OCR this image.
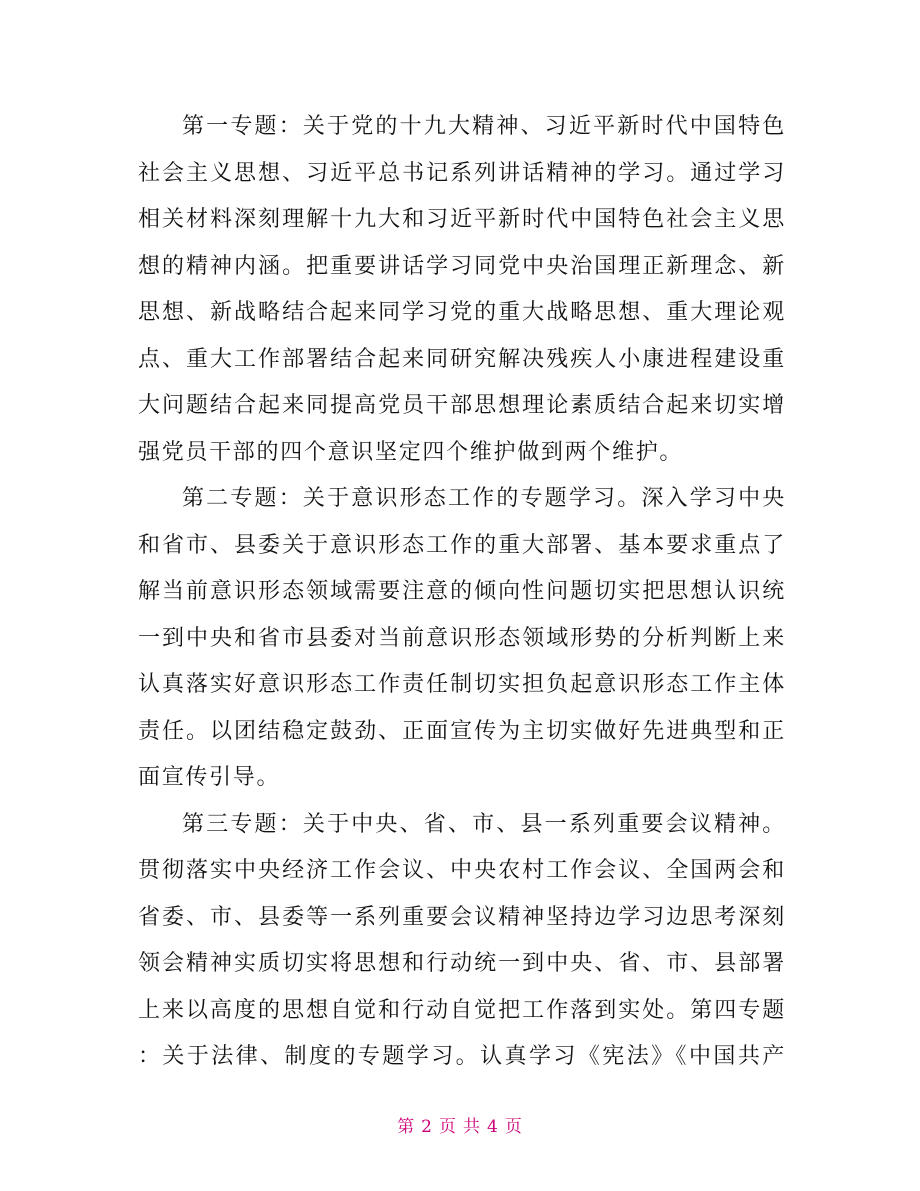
第一专题：关于党的十九大精神、习近平新时代中国特色
社会主义思想、习近平总书记系列讲话精神的学习。通过学习
相关材料深刻理解十九大和习近平新时代中国特色社会主义思
想的精神内涵。把重要讲话学习同党中央治国理正新理念、新
思想、新战略结合起来同学习党的重大战略思想、重大理论观
点、重大工作部署结合起来同研究解决残疾人小康进程建设重
大问题结合起来同提高党员干部思想理论素质结合起来切实增
强党员干部的四个意识坚定四个维护做到两个维护。
第二专题：关于意识形态工作的专题学习。深入学习中央
和省市、县委关于意识形态工作的重大部署、基本要求重点了
解当前意识形态领域需要注意的倾向性问题切实把思想认识统
一到中央和省市县委对当前意识形态领域形势的分析判断上来
认真落实好意识形态工作责任制切实担负起意识形态工作主体
责任。以团结稳定鼓劲、正面宣传为主切实做好先进典型和正
面宣传引导。
第三专题：关于中央、省、市、县一系列重要会议精神。
贯彻落实中央经济工作会议、中央农村工作会议、全国两会和
省委、市、县委等一系列重要会议精神坚持边学习边思考深刻
领会精神实质切实将思想和行动统一到中央、省、市、县部署
上来以高度的思想自觉和行动自觉把工作落到实处。第四专题
：关于法律、制度的专题学习。认真学习《宪法》《中国共产
第 2 页 共 4 页
